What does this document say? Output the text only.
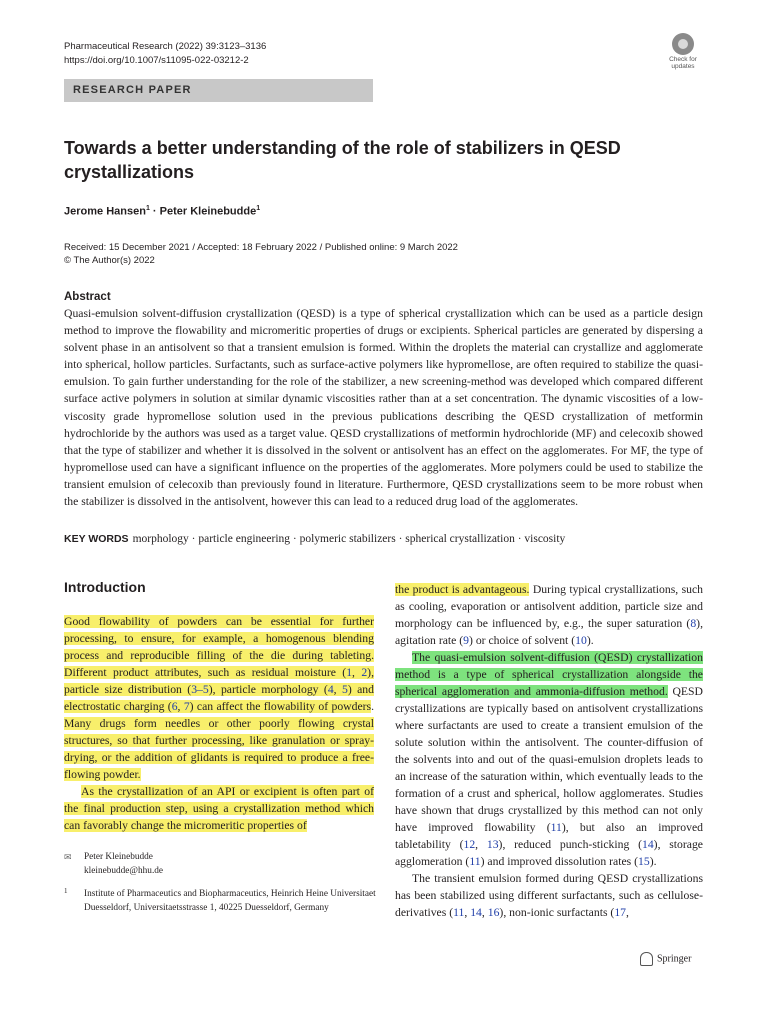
Pharmaceutical Research (2022) 39:3123–3136
https://doi.org/10.1007/s11095-022-03212-2	Check for updates
RESEARCH PAPER
Towards a better understanding of the role of stabilizers in QESD crystallizations
Jerome Hansen$^1$ · Peter Kleinebudde$^1$
Received: 15 December 2021 / Accepted: 18 February 2022 / Published online: 9 March 2022
© The Author(s) 2022
Abstract
Quasi-emulsion solvent-diffusion crystallization (QESD) is a type of spherical crystallization which can be used as a particle design method to improve the flowability and micromeritic properties of drugs or excipients. Spherical particles are generated by dispersing a solvent phase in an antisolvent so that a transient emulsion is formed. Within the droplets the material can crystallize and agglomerate into spherical, hollow particles. Surfactants, such as surface-active polymers like hypromellose, are often required to stabilize the quasi-emulsion. To gain further understanding for the role of the stabilizer, a new screening-method was developed which compared different surface active polymers in solution at similar dynamic viscosities rather than at a set concentration. The dynamic viscosities of a low-viscosity grade hypromellose solution used in the previous publications describing the QESD crystallization of metformin hydrochloride by the authors was used as a target value. QESD crystallizations of metformin hydrochloride (MF) and celecoxib showed that the type of stabilizer and whether it is dissolved in the solvent or antisolvent has an effect on the agglomerates. For MF, the type of hypromellose used can have a significant influence on the properties of the agglomerates. More polymers could be used to stabilize the transient emulsion of celecoxib than previously found in literature. Furthermore, QESD crystallizations seem to be more robust when the stabilizer is dissolved in the antisolvent, however this can lead to a reduced drug load of the agglomerates.
KEY WORDS morphology · particle engineering · polymeric stabilizers · spherical crystallization · viscosity
Introduction

Good flowability of powders can be essential for further processing, to ensure, for example, a homogenous blending process and reproducible filling of the die during tableting. Different product attributes, such as residual moisture (1, 2), particle size distribution (3–5), particle morphology (4, 5) and electrostatic charging (6, 7) can affect the flowability of powders. Many drugs form needles or other poorly flowing crystal structures, so that further processing, like granulation or spray-drying, or the addition of glidants is required to produce a free-flowing powder.

As the crystallization of an API or excipient is often part of the final production step, using a crystallization method which can favorably change the micromeritic properties of

the product is advantageous. During typical crystallizations, such as cooling, evaporation or antisolvent addition, particle size and morphology can be influenced by, e.g., the super saturation (8), agitation rate (9) or choice of solvent (10).

The quasi-emulsion solvent-diffusion (QESD) crystallization method is a type of spherical crystallization alongside the spherical agglomeration and ammonia-diffusion method. QESD crystallizations are typically based on antisolvent crystallizations where surfactants are used to create a transient emulsion of the solute solution within the antisolvent. The counter-diffusion of the solvents into and out of the quasi-emulsion droplets leads to an increase of the saturation within, which eventually leads to the formation of a crust and spherical, hollow agglomerates. Studies have shown that drugs crystallized by this method can not only have improved flowability (11), but also an improved tabletability (12, 13), reduced punch-sticking (14), storage agglomeration (11) and improved dissolution rates (15).

The transient emulsion formed during QESD crystallizations has been stabilized using different surfactants, such as cellulose-derivatives (11, 14, 16), non-ionic surfactants (17,

✉ Peter Kleinebudde
kleinebudde@hhu.de
1 Institute of Pharmaceutics and Biopharmaceutics, Heinrich Heine Universitaet Duesseldorf, Universitaetsstrasse 1, 40225 Duesseldorf, Germany
Springer
